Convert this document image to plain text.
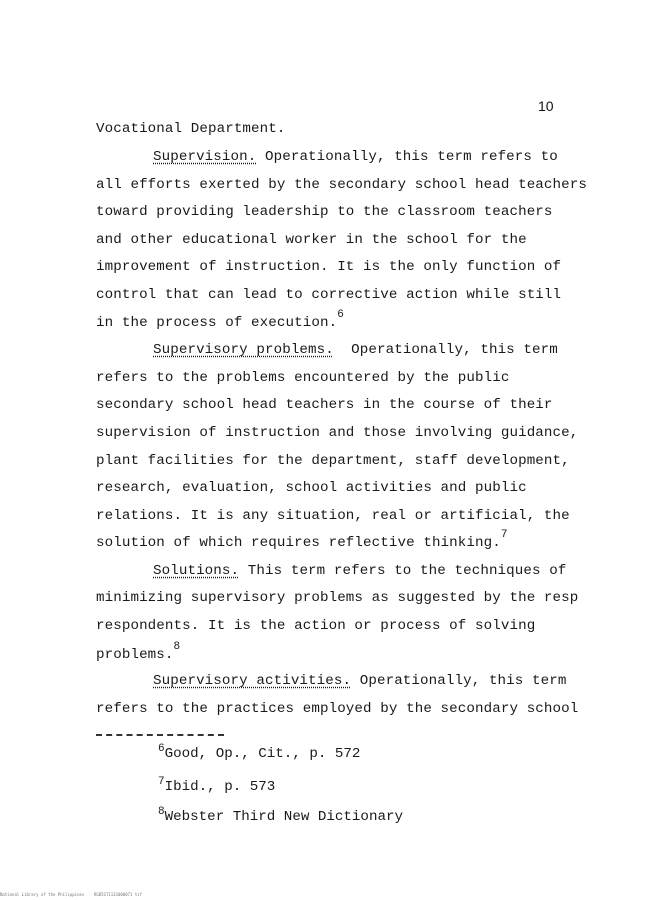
10
Vocational Department.
Supervision. Operationally, this term refers to
all efforts exerted by the secondary school head teachers
toward providing leadership to the classroom teachers
and other educational worker in the school for the
improvement of instruction. It is the only function of
control that can lead to corrective action while still
in the process of execution.$^6$
Supervisory problems.  Operationally, this term
refers to the problems encountered by the public
secondary school head teachers in the course of their
supervision of instruction and those involving guidance,
plant facilities for the department, staff development,
research, evaluation, school activities and public
relations. It is any situation, real or artificial, the
solution of which requires reflective thinking.$^7$
Solutions. This term refers to the techniques of
minimizing supervisory problems as suggested by the resp
respondents. It is the action or process of solving
problems.$^8$
Supervisory activities. Operationally, this term
refers to the practices employed by the secondary school
$^6$Good, Op., Cit., p. 572
$^7$Ibid., p. 573
$^8$Webster Third New Dictionary
National Library of the Philippines    RGD5ST1131000071 tif
